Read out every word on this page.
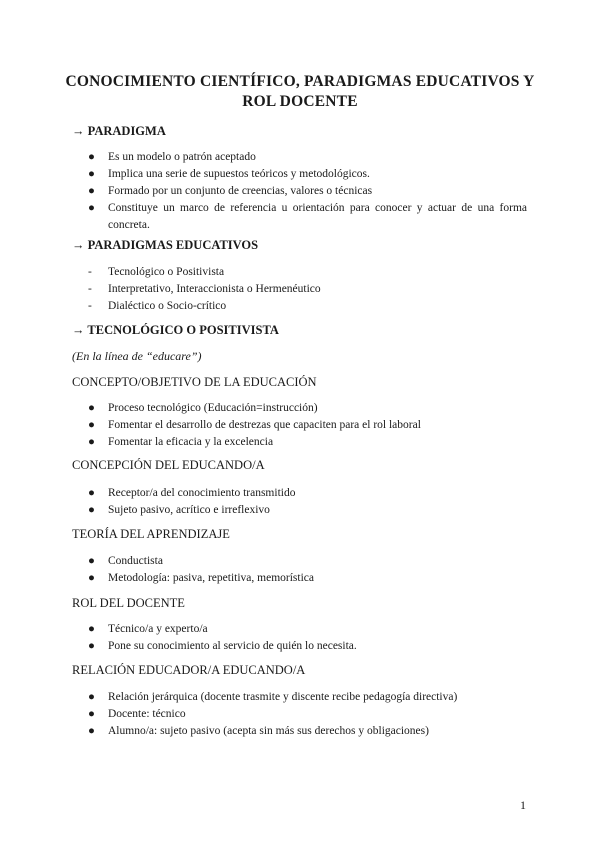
CONOCIMIENTO CIENTÍFICO, PARADIGMAS EDUCATIVOS Y
ROL DOCENTE
→ PARADIGMA
●	Es un modelo o patrón aceptado
●	Implica una serie de supuestos teóricos y metodológicos.
●	Formado por un conjunto de creencias, valores o técnicas
●	Constituye un marco de referencia u orientación para conocer y actuar de una forma concreta.
→ PARADIGMAS EDUCATIVOS
-	Tecnológico o Positivista
-	Interpretativo, Interaccionista o Hermenéutico
-	Dialéctico o Socio-crítico
→ TECNOLÓGICO O POSITIVISTA
(En la línea de “educare”)
CONCEPTO/OBJETIVO DE LA EDUCACIÓN
●	Proceso tecnológico (Educación=instrucción)
●	Fomentar el desarrollo de destrezas que capaciten para el rol laboral
●	Fomentar la eficacia y la excelencia
CONCEPCIÓN DEL EDUCANDO/A
●	Receptor/a del conocimiento transmitido
●	Sujeto pasivo, acrítico e irreflexivo
TEORÍA DEL APRENDIZAJE
●	Conductista
●	Metodología: pasiva, repetitiva, memorística
ROL DEL DOCENTE
●	Técnico/a y experto/a
●	Pone su conocimiento al servicio de quién lo necesita.
RELACIÓN EDUCADOR/A EDUCANDO/A
●	Relación jerárquica (docente trasmite y discente recibe pedagogía directiva)
●	Docente: técnico
●	Alumno/a: sujeto pasivo (acepta sin más sus derechos y obligaciones)
1
